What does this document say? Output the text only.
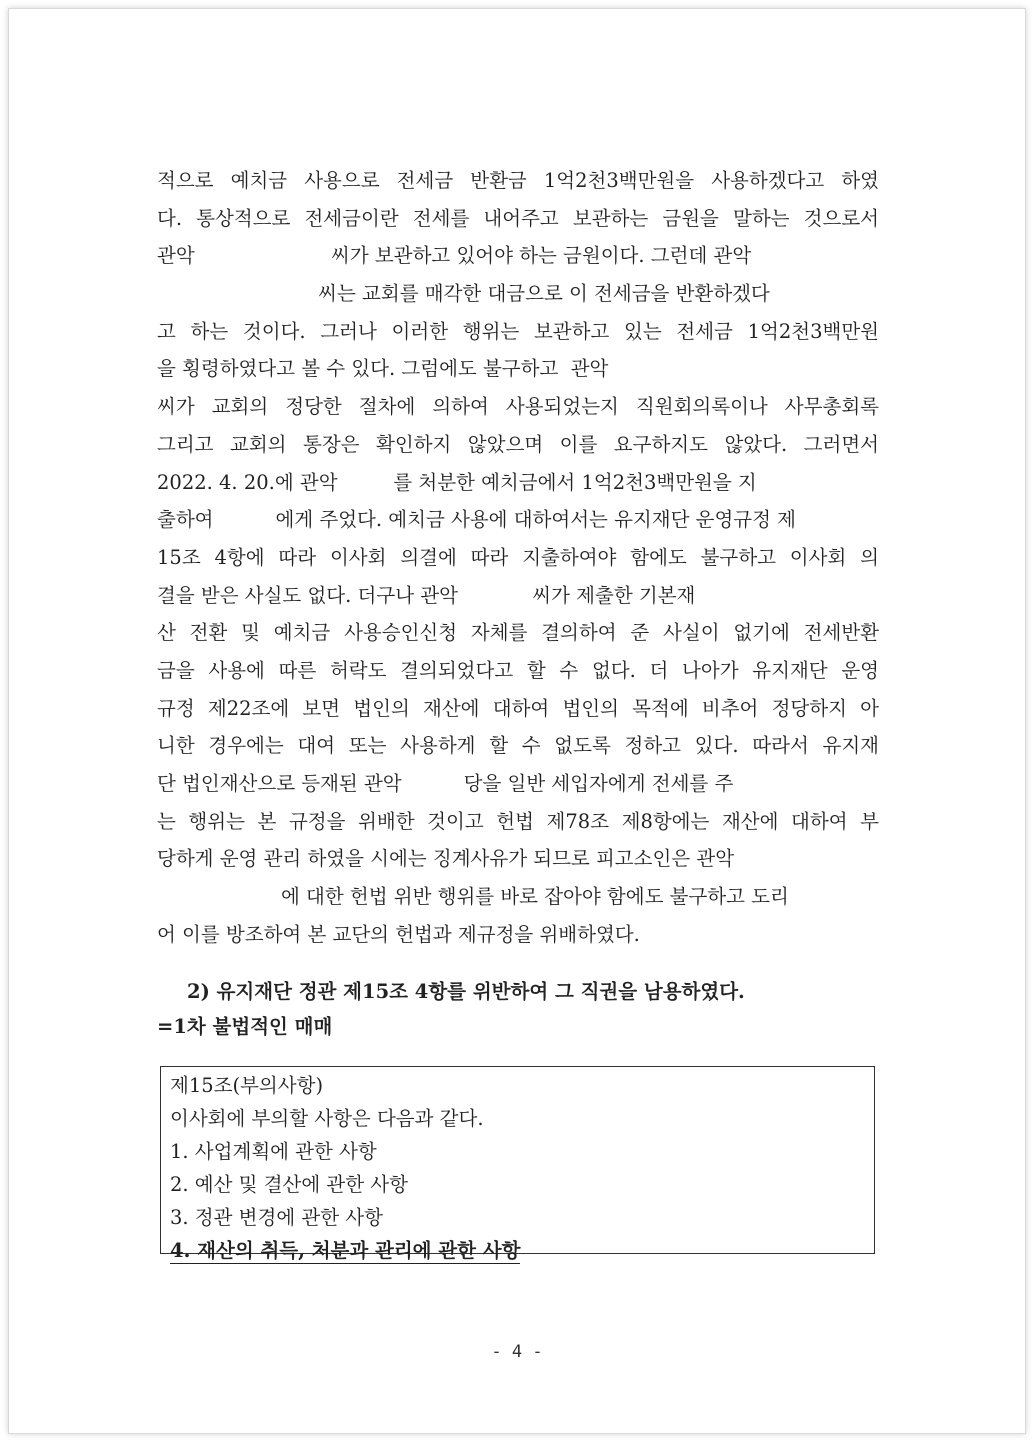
적으로 예치금 사용으로 전세금 반환금 1억2천3백만원을 사용하겠다고 하였
다. 통상적으로 전세금이란 전세를 내어주고 보관하는 금원을 말하는 것으로서
관악                      씨가 보관하고 있어야 하는 금원이다. 그런데 관악
씨는 교회를 매각한 대금으로 이 전세금을 반환하겠다
고 하는 것이다. 그러나 이러한 행위는 보관하고 있는 전세금 1억2천3백만원
을 횡령하였다고 볼 수 있다. 그럼에도 불구하고  관악
씨가 교회의 정당한 절차에 의하여 사용되었는지 직원회의록이나 사무총회록
그리고 교회의 통장은 확인하지 않았으며 이를 요구하지도 않았다. 그러면서
2022. 4. 20.에 관악         를 처분한 예치금에서 1억2천3백만원을 지
출하여          에게 주었다. 예치금 사용에 대하여서는 유지재단 운영규정 제
15조 4항에 따라 이사회 의결에 따라 지출하여야 함에도 불구하고 이사회 의
결을 받은 사실도 없다. 더구나 관악            씨가 제출한 기본재
산 전환 및 예치금 사용승인신청 자체를 결의하여 준 사실이 없기에 전세반환
금을 사용에 따른 허락도 결의되었다고 할 수 없다. 더 나아가 유지재단 운영
규정 제22조에 보면 법인의 재산에 대하여 법인의 목적에 비추어 정당하지 아
니한 경우에는 대여 또는 사용하게 할 수 없도록 정하고 있다. 따라서 유지재
단 법인재산으로 등재된 관악          당을 일반 세입자에게 전세를 주
는 행위는 본 규정을 위배한 것이고 헌법 제78조 제8항에는 재산에 대하여 부
당하게 운영 관리 하였을 시에는 징계사유가 되므로 피고소인은 관악
에 대한 헌법 위반 행위를 바로 잡아야 함에도 불구하고 도리
어 이를 방조하여 본 교단의 헌법과 제규정을 위배하였다.
2) 유지재단 정관 제15조 4항를 위반하여 그 직권을 남용하였다.
=1차 불법적인 매매
제15조(부의사항)
이사회에 부의할 사항은 다음과 같다.
1. 사업계획에 관한 사항
2. 예산 및 결산에 관한 사항
3. 정관 변경에 관한 사항
4. 재산의 취득, 처분과 관리에 관한 사항
- 4 -
